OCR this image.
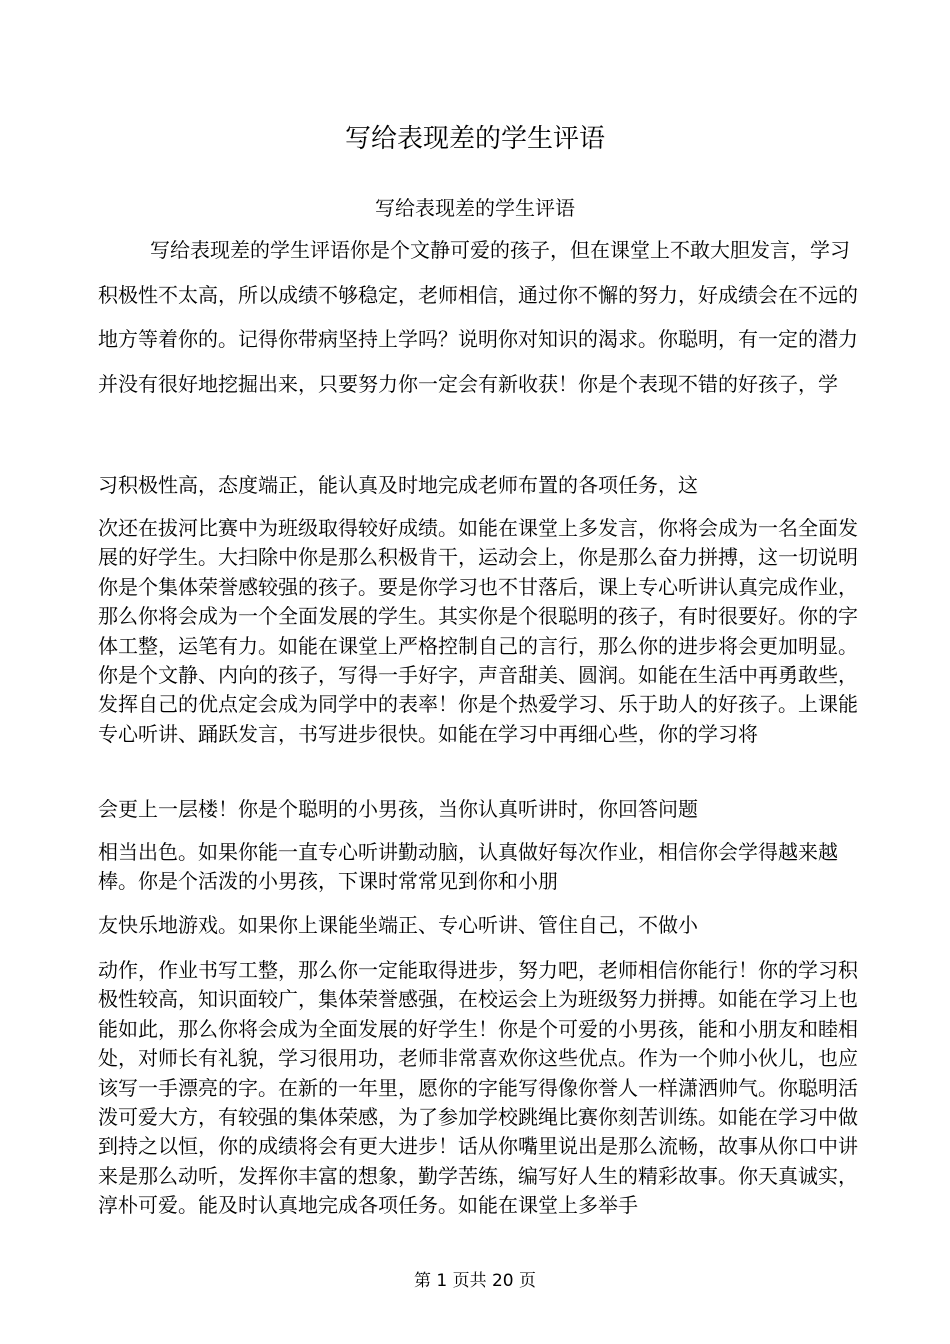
写给表现差的学生评语
写给表现差的学生评语

写给表现差的学生评语你是个文静可爱的孩子，但在课堂上不敢大胆发言，学习积极性不太高，所以成绩不够稳定，老师相信，通过你不懈的努力，好成绩会在不远的地方等着你的。记得你带病坚持上学吗？说明你对知识的渴求。你聪明，有一定的潜力并没有很好地挖掘出来，只要努力你一定会有新收获！你是个表现不错的好孩子，学

习积极性高，态度端正，能认真及时地完成老师布置的各项任务，这

次还在拔河比赛中为班级取得较好成绩。如能在课堂上多发言，你将会成为一名全面发展的好学生。大扫除中你是那么积极肯干，运动会上，你是那么奋力拼搏，这一切说明你是个集体荣誉感较强的孩子。要是你学习也不甘落后，课上专心听讲认真完成作业，那么你将会成为一个全面发展的学生。其实你是个很聪明的孩子，有时很要好。你的字体工整，运笔有力。如能在课堂上严格控制自己的言行，那么你的进步将会更加明显。你是个文静、内向的孩子，写得一手好字，声音甜美、圆润。如能在生活中再勇敢些，发挥自己的优点定会成为同学中的表率！你是个热爱学习、乐于助人的好孩子。上课能专心听讲、踊跃发言，书写进步很快。如能在学习中再细心些，你的学习将

会更上一层楼！你是个聪明的小男孩，当你认真听讲时，你回答问题

相当出色。如果你能一直专心听讲勤动脑，认真做好每次作业，相信你会学得越来越棒。你是个活泼的小男孩，下课时常常见到你和小朋

友快乐地游戏。如果你上课能坐端正、专心听讲、管住自己，不做小

动作，作业书写工整，那么你一定能取得进步，努力吧，老师相信你能行！你的学习积极性较高，知识面较广，集体荣誉感强，在校运会上为班级努力拼搏。如能在学习上也能如此，那么你将会成为全面发展的好学生！你是个可爱的小男孩，能和小朋友和睦相处，对师长有礼貌，学习很用功，老师非常喜欢你这些优点。作为一个帅小伙儿，也应该写一手漂亮的字。在新的一年里，愿你的字能写得像你誉人一样潇洒帅气。你聪明活泼可爱大方，有较强的集体荣感，为了参加学校跳绳比赛你刻苦训练。如能在学习中做到持之以恒，你的成绩将会有更大进步！话从你嘴里说出是那么流畅，故事从你口中讲来是那么动听，发挥你丰富的想象，勤学苦练，编写好人生的精彩故事。你天真诚实，淳朴可爱。能及时认真地完成各项任务。如能在课堂上多举手

第 1 页共 20 页
